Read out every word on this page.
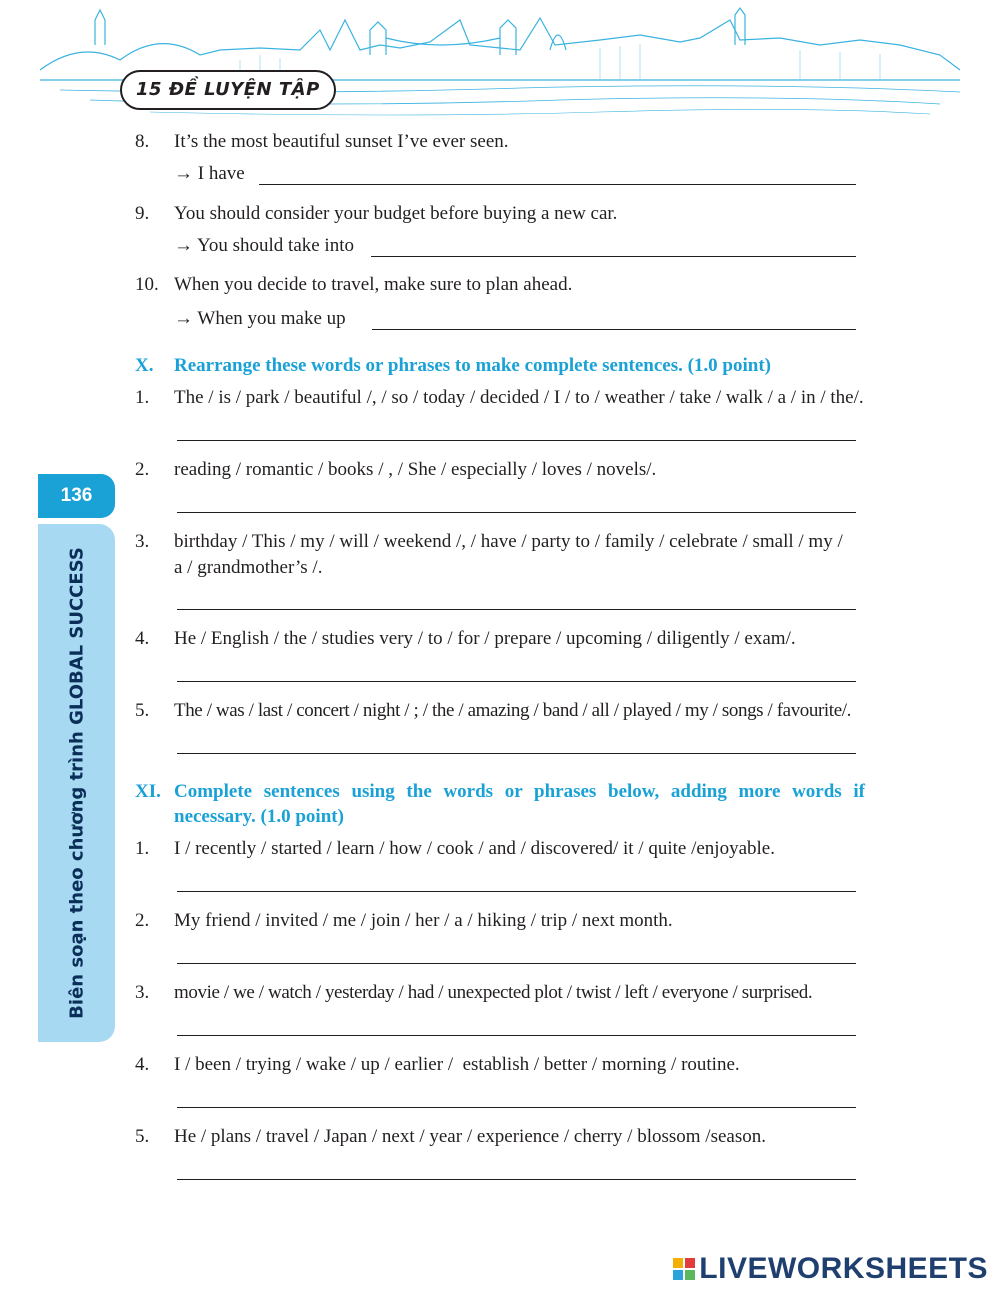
15 ĐỀ LUYỆN TẬP
136
Biên soạn theo chương trình GLOBAL SUCCESS
8. It’s the most beautiful sunset I’ve ever seen.
→ I have
9. You should consider your budget before buying a new car.
→ You should take into
10. When you decide to travel, make sure to plan ahead.
→ When you make up
X. Rearrange these words or phrases to make complete sentences. (1.0 point)
1. The / is / park / beautiful /, / so / today / decided / I / to / weather / take / walk / a / in / the/.
2. reading / romantic / books / , / She / especially / loves / novels/.
3. birthday / This / my / will / weekend /, / have / party to / family / celebrate / small / my /
a / grandmother’s /.
4. He / English / the / studies very / to / for / prepare / upcoming / diligently / exam/.
5. The / was / last / concert / night / ; / the / amazing / band / all / played / my / songs / favourite/.
XI. Complete sentences using the words or phrases below, adding more words if
necessary. (1.0 point)
1. I / recently / started / learn / how / cook / and / discovered/ it / quite /enjoyable.
2. My friend / invited / me / join / her / a / hiking / trip / next month.
3. movie / we / watch / yesterday / had / unexpected plot / twist / left / everyone / surprised.
4. I / been / trying / wake / up / earlier /  establish / better / morning / routine.
5. He / plans / travel / Japan / next / year / experience / cherry / blossom /season.
LIVEWORKSHEETS
